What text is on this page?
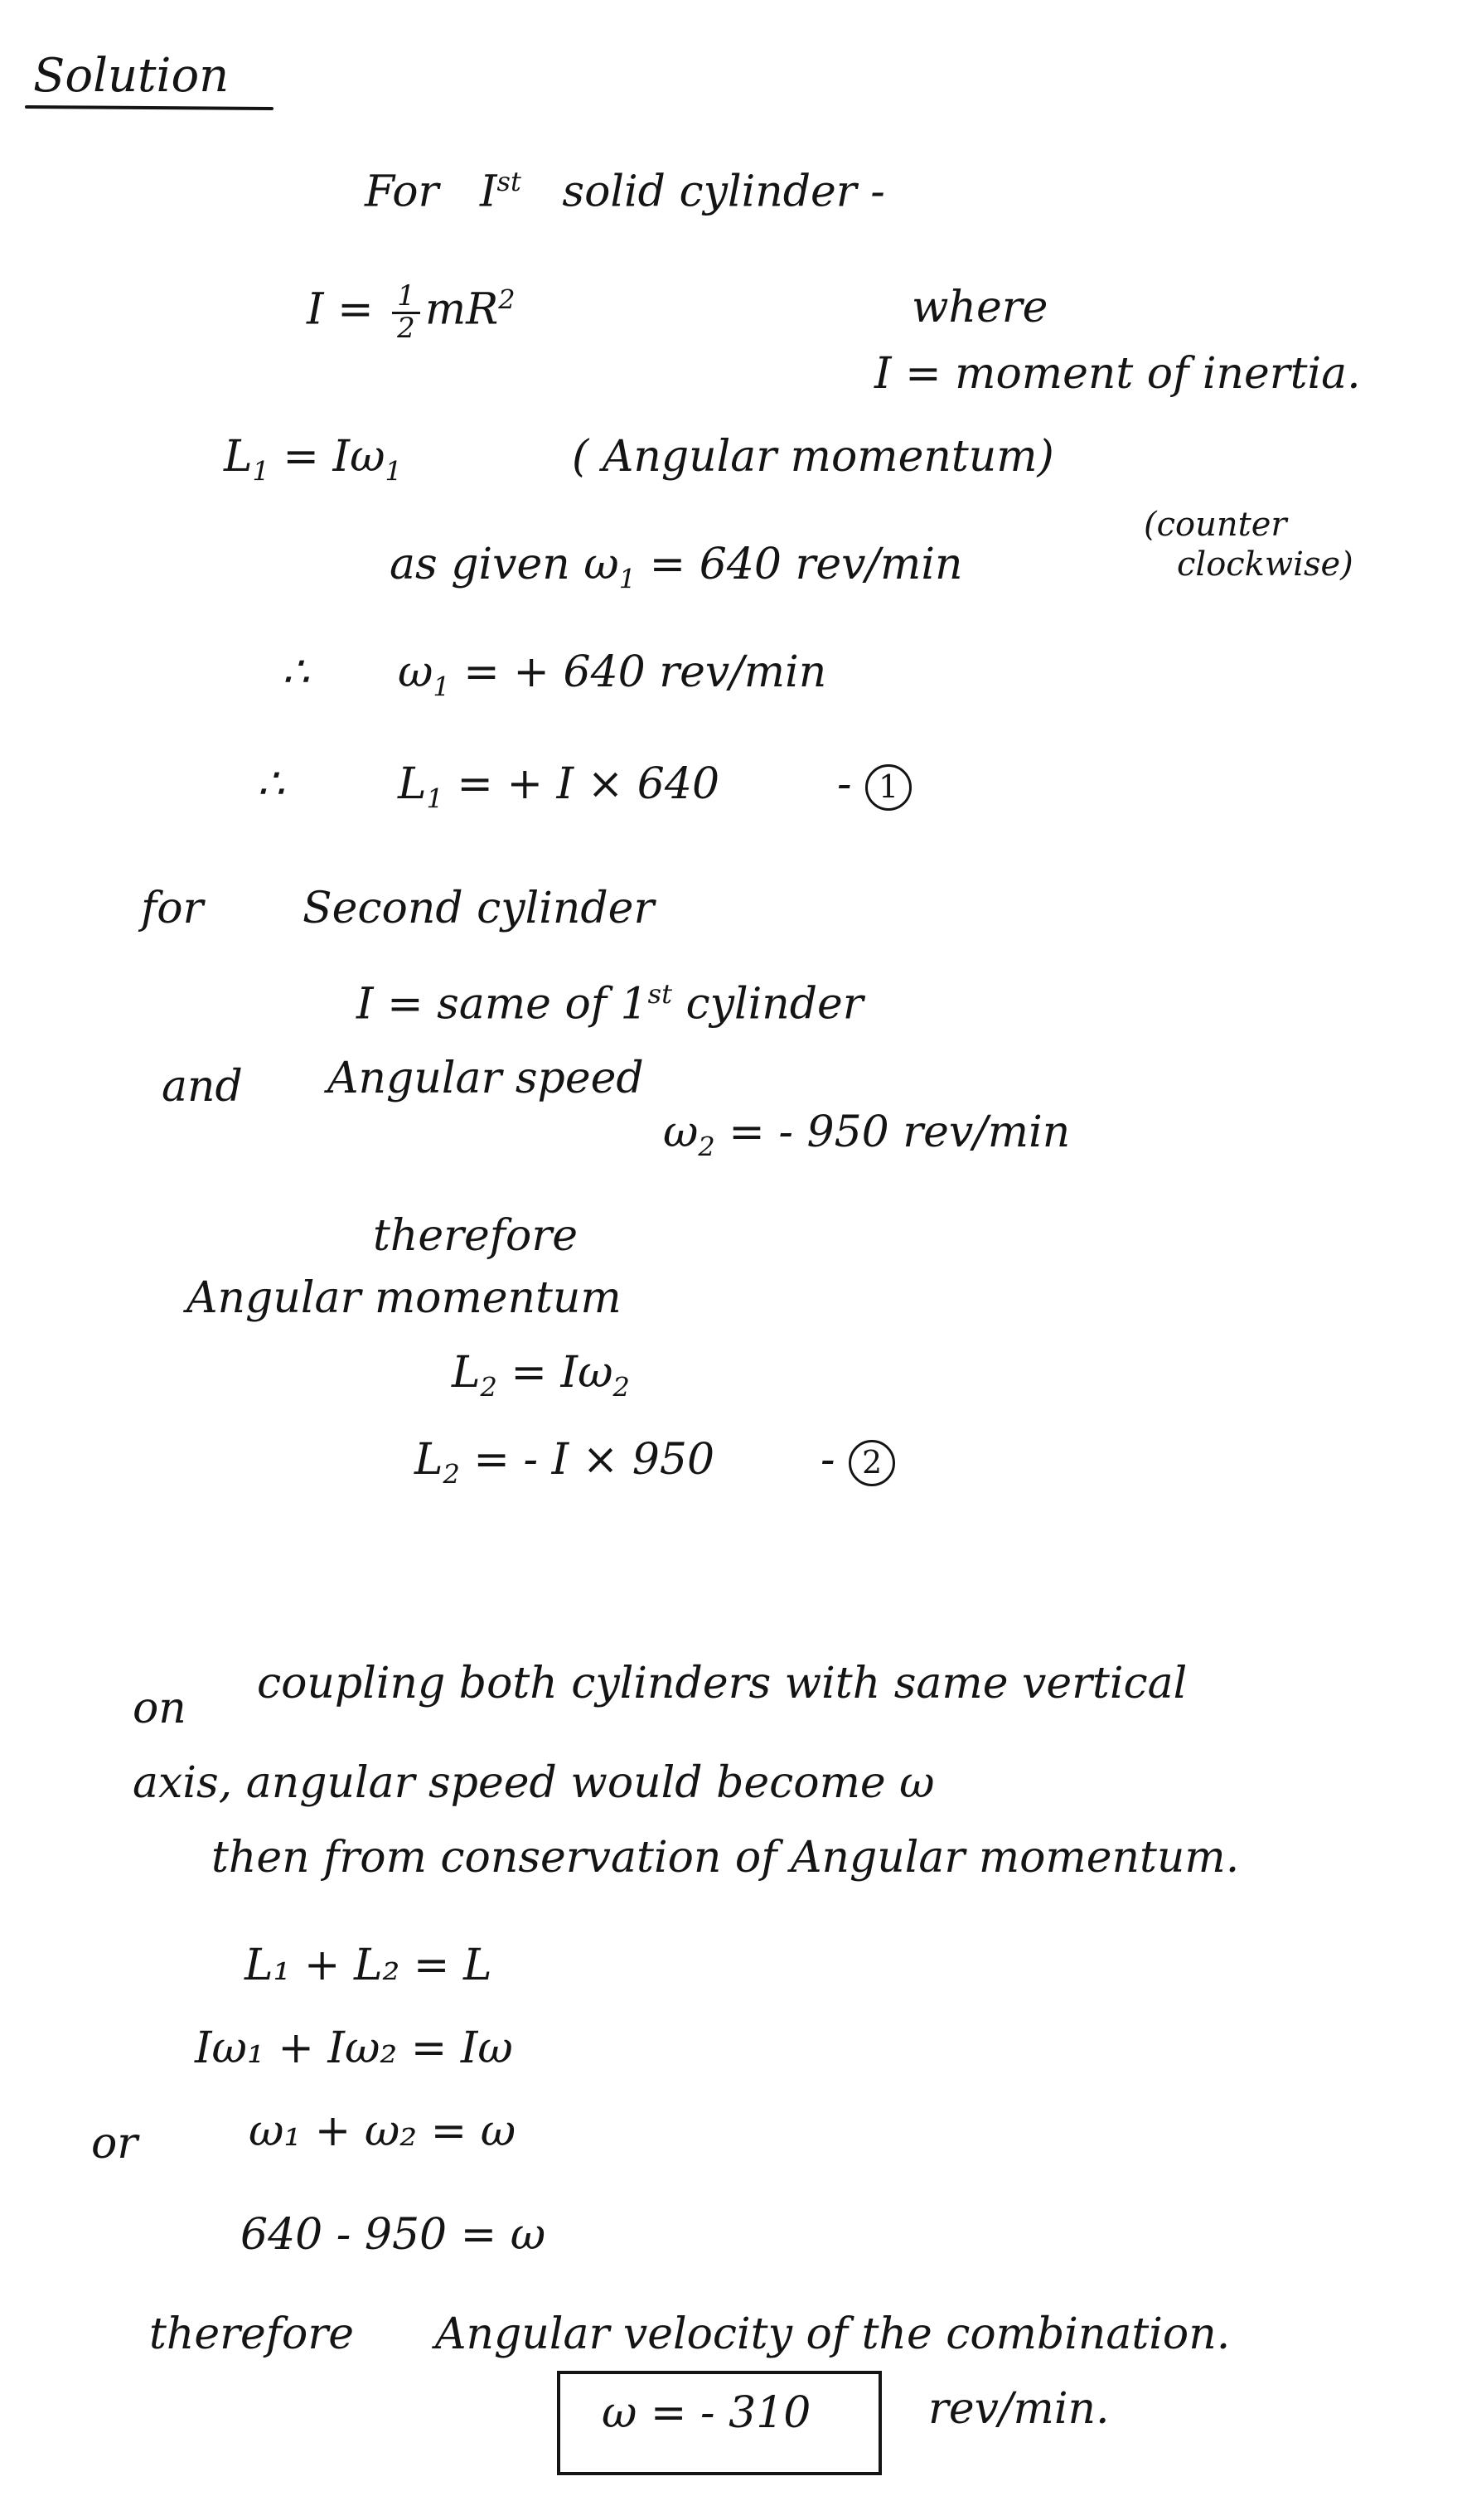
Solution
For Ist solid cylinder -
$I = \frac{1}{2} mR^2$	where
I = moment of inertia.
$L_1 = I\omega_1$	( Angular momentum)
as given $\omega_1 = 640$ rev/min
(counter
clockwise)
∴ $\omega_1$ = + 640 rev/min
∴	$L_1$ = + I × 640	- 1
for Second cylinder
I = same of 1st cylinder
and Angular speed
$\omega_2$ = - 950 rev/min
therefore
Angular momentum
$L_2 = I\omega_2$
$L_2$ = - I × 950 - 2
on coupling both cylinders with same vertical
axis, angular speed would become ω
then from conservation of Angular momentum.
L₁ + L₂ = L
Iω₁ + Iω₂ = Iω
or	ω₁ + ω₂ = ω
640 - 950 = ω
therefore Angular velocity of the combination.
ω = - 310	rev/min.
